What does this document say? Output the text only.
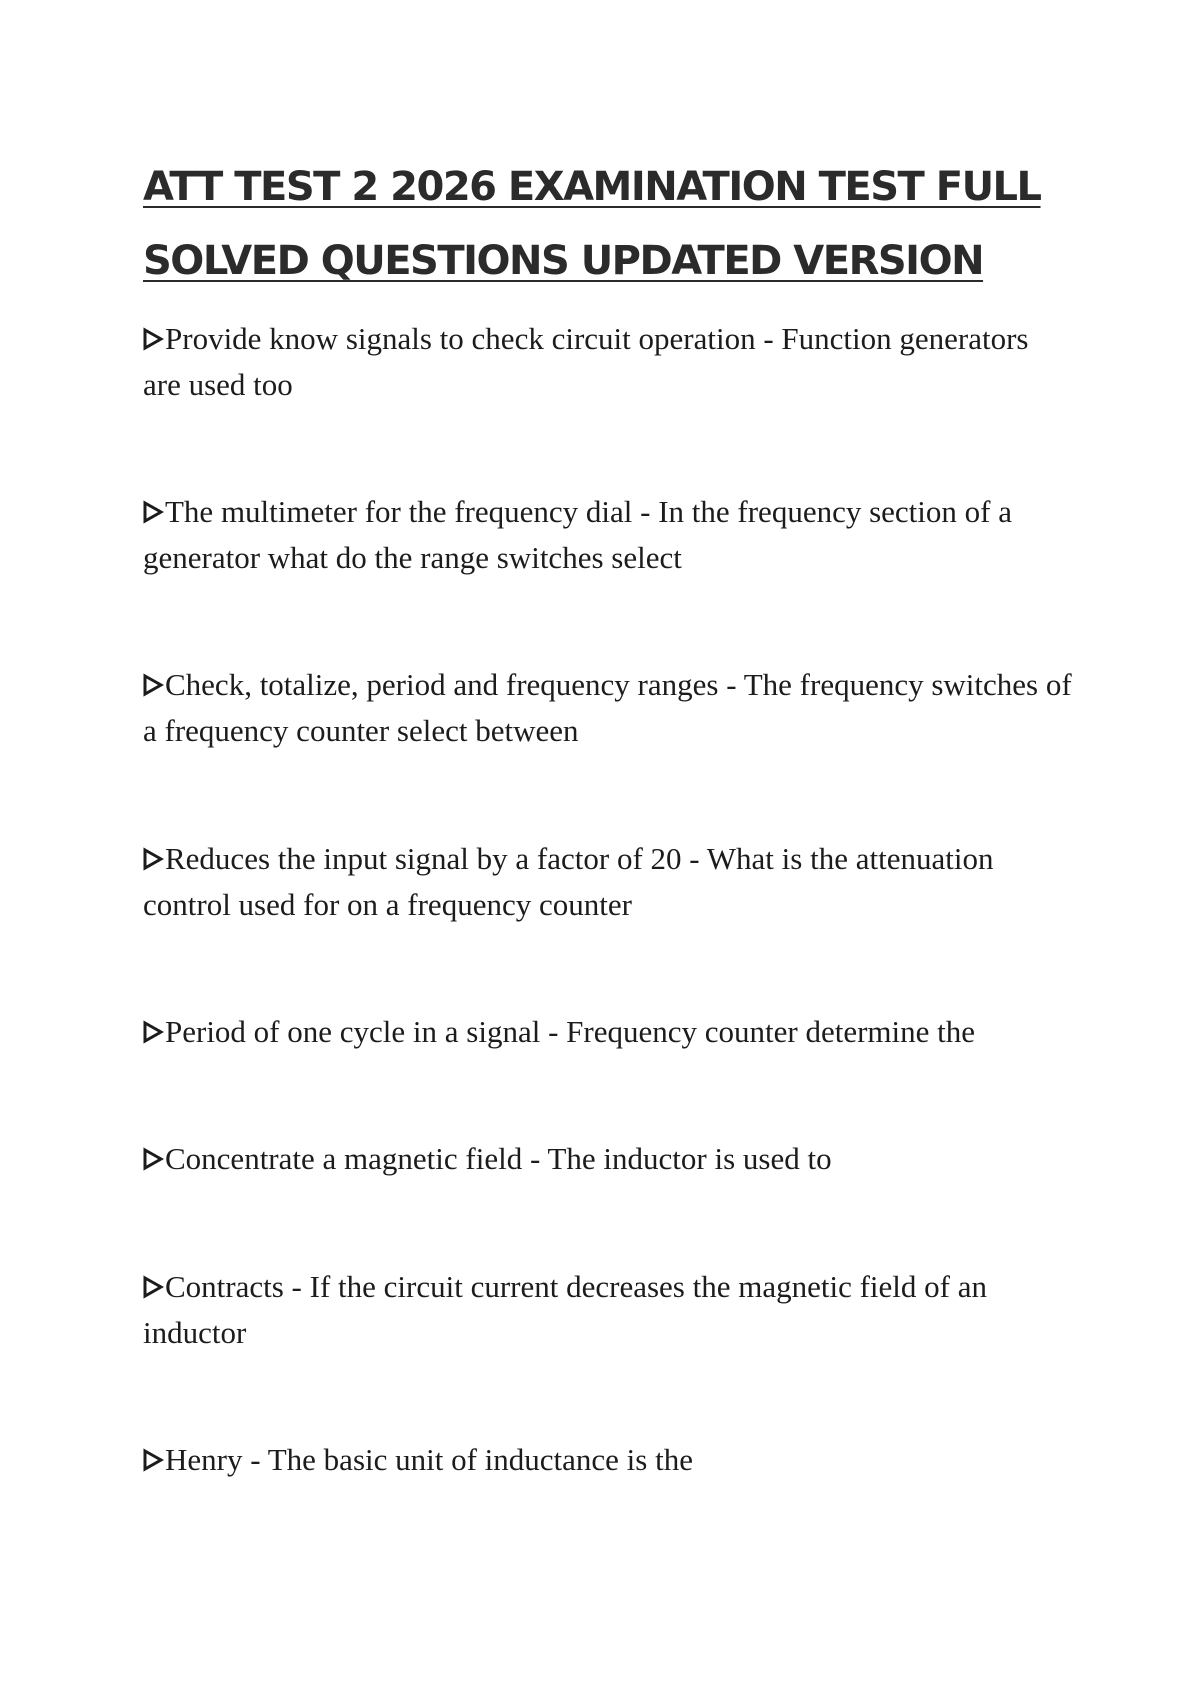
ATT TEST 2 2026 EXAMINATION TEST FULL SOLVED QUESTIONS UPDATED VERSION
Provide know signals to check circuit operation - Function generators are used too
The multimeter for the frequency dial - In the frequency section of a generator what do the range switches select
Check, totalize, period and frequency ranges - The frequency switches of a frequency counter select between
Reduces the input signal by a factor of 20 - What is the attenuation control used for on a frequency counter
Period of one cycle in a signal - Frequency counter determine the
Concentrate a magnetic field - The inductor is used to
Contracts - If the circuit current decreases the magnetic field of an inductor
Henry - The basic unit of inductance is the
